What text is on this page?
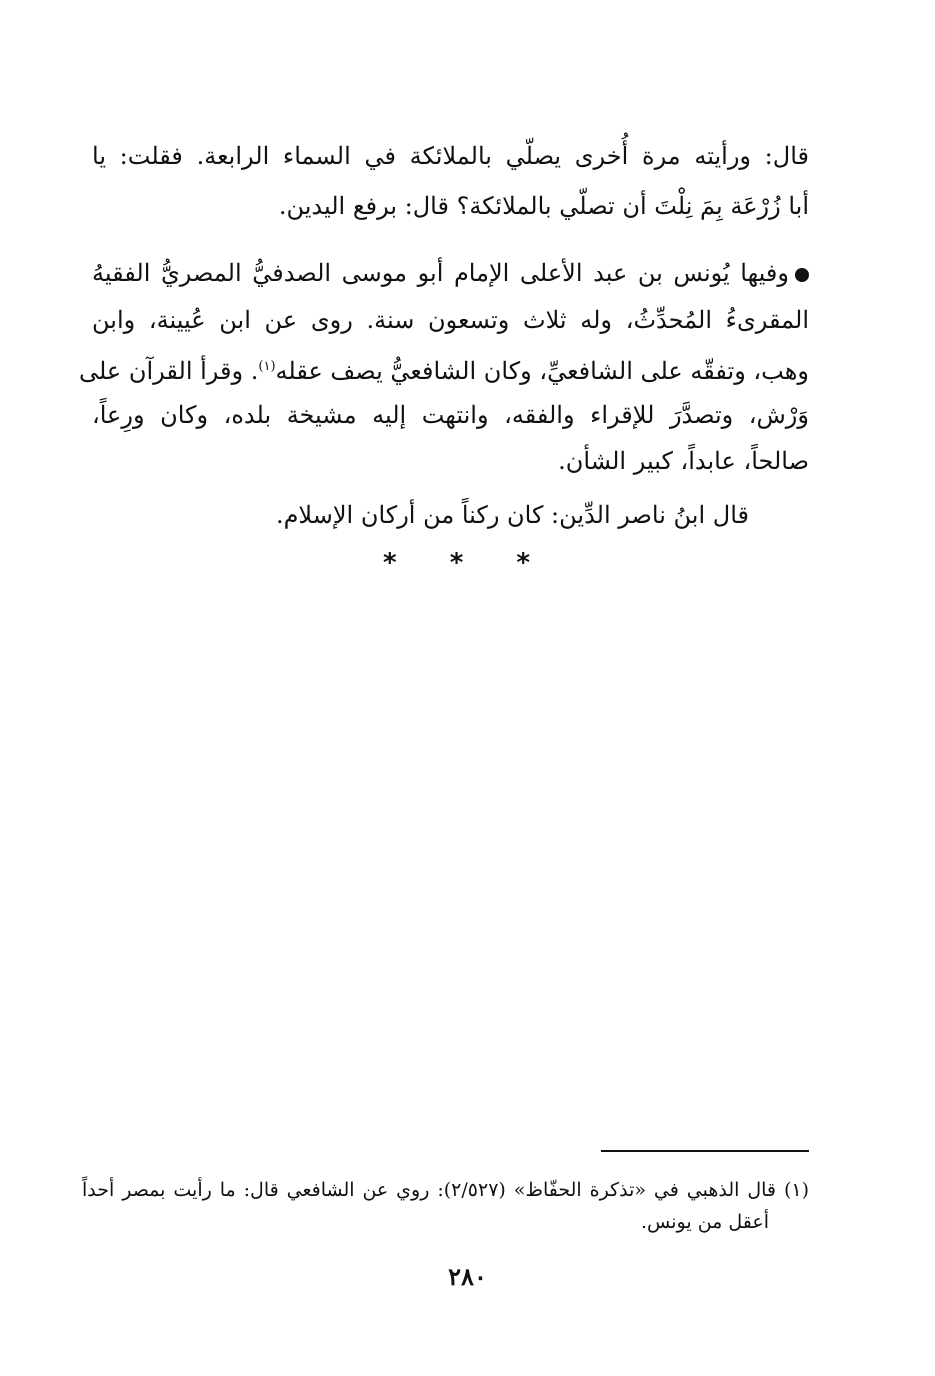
قال: ورأيته مرة أُخرى يصلّي بالملائكة في السماء الرابعة. فقلت: يا
أبا زُرْعَة بِمَ نِلْتَ أن تصلّي بالملائكة؟ قال: برفع اليدين.
وفيها يُونس بن عبد الأعلى الإمام أبو موسى الصدفيُّ المصريُّ الفقيهُ
المقرىءُ المُحدِّثُ، وله ثلاث وتسعون سنة. روى عن ابن عُيينة، وابن
وهب، وتفقّه على الشافعيِّ، وكان الشافعيُّ يصف عقله$^{(١)}$. وقرأ القرآن على
وَرْش، وتصدَّرَ للإقراء والفقه، وانتهت إليه مشيخة بلده، وكان ورِعاً،
صالحاً، عابداً، كبير الشأن.
قال ابنُ ناصر الدِّين: كان ركناً من أركان الإسلام.
* * *
(١) قال الذهبي في «تذكرة الحفّاظ» (٢/٥٢٧): روي عن الشافعي قال: ما رأيت بمصر أحداً
أعقل من يونس.
٢٨٠
